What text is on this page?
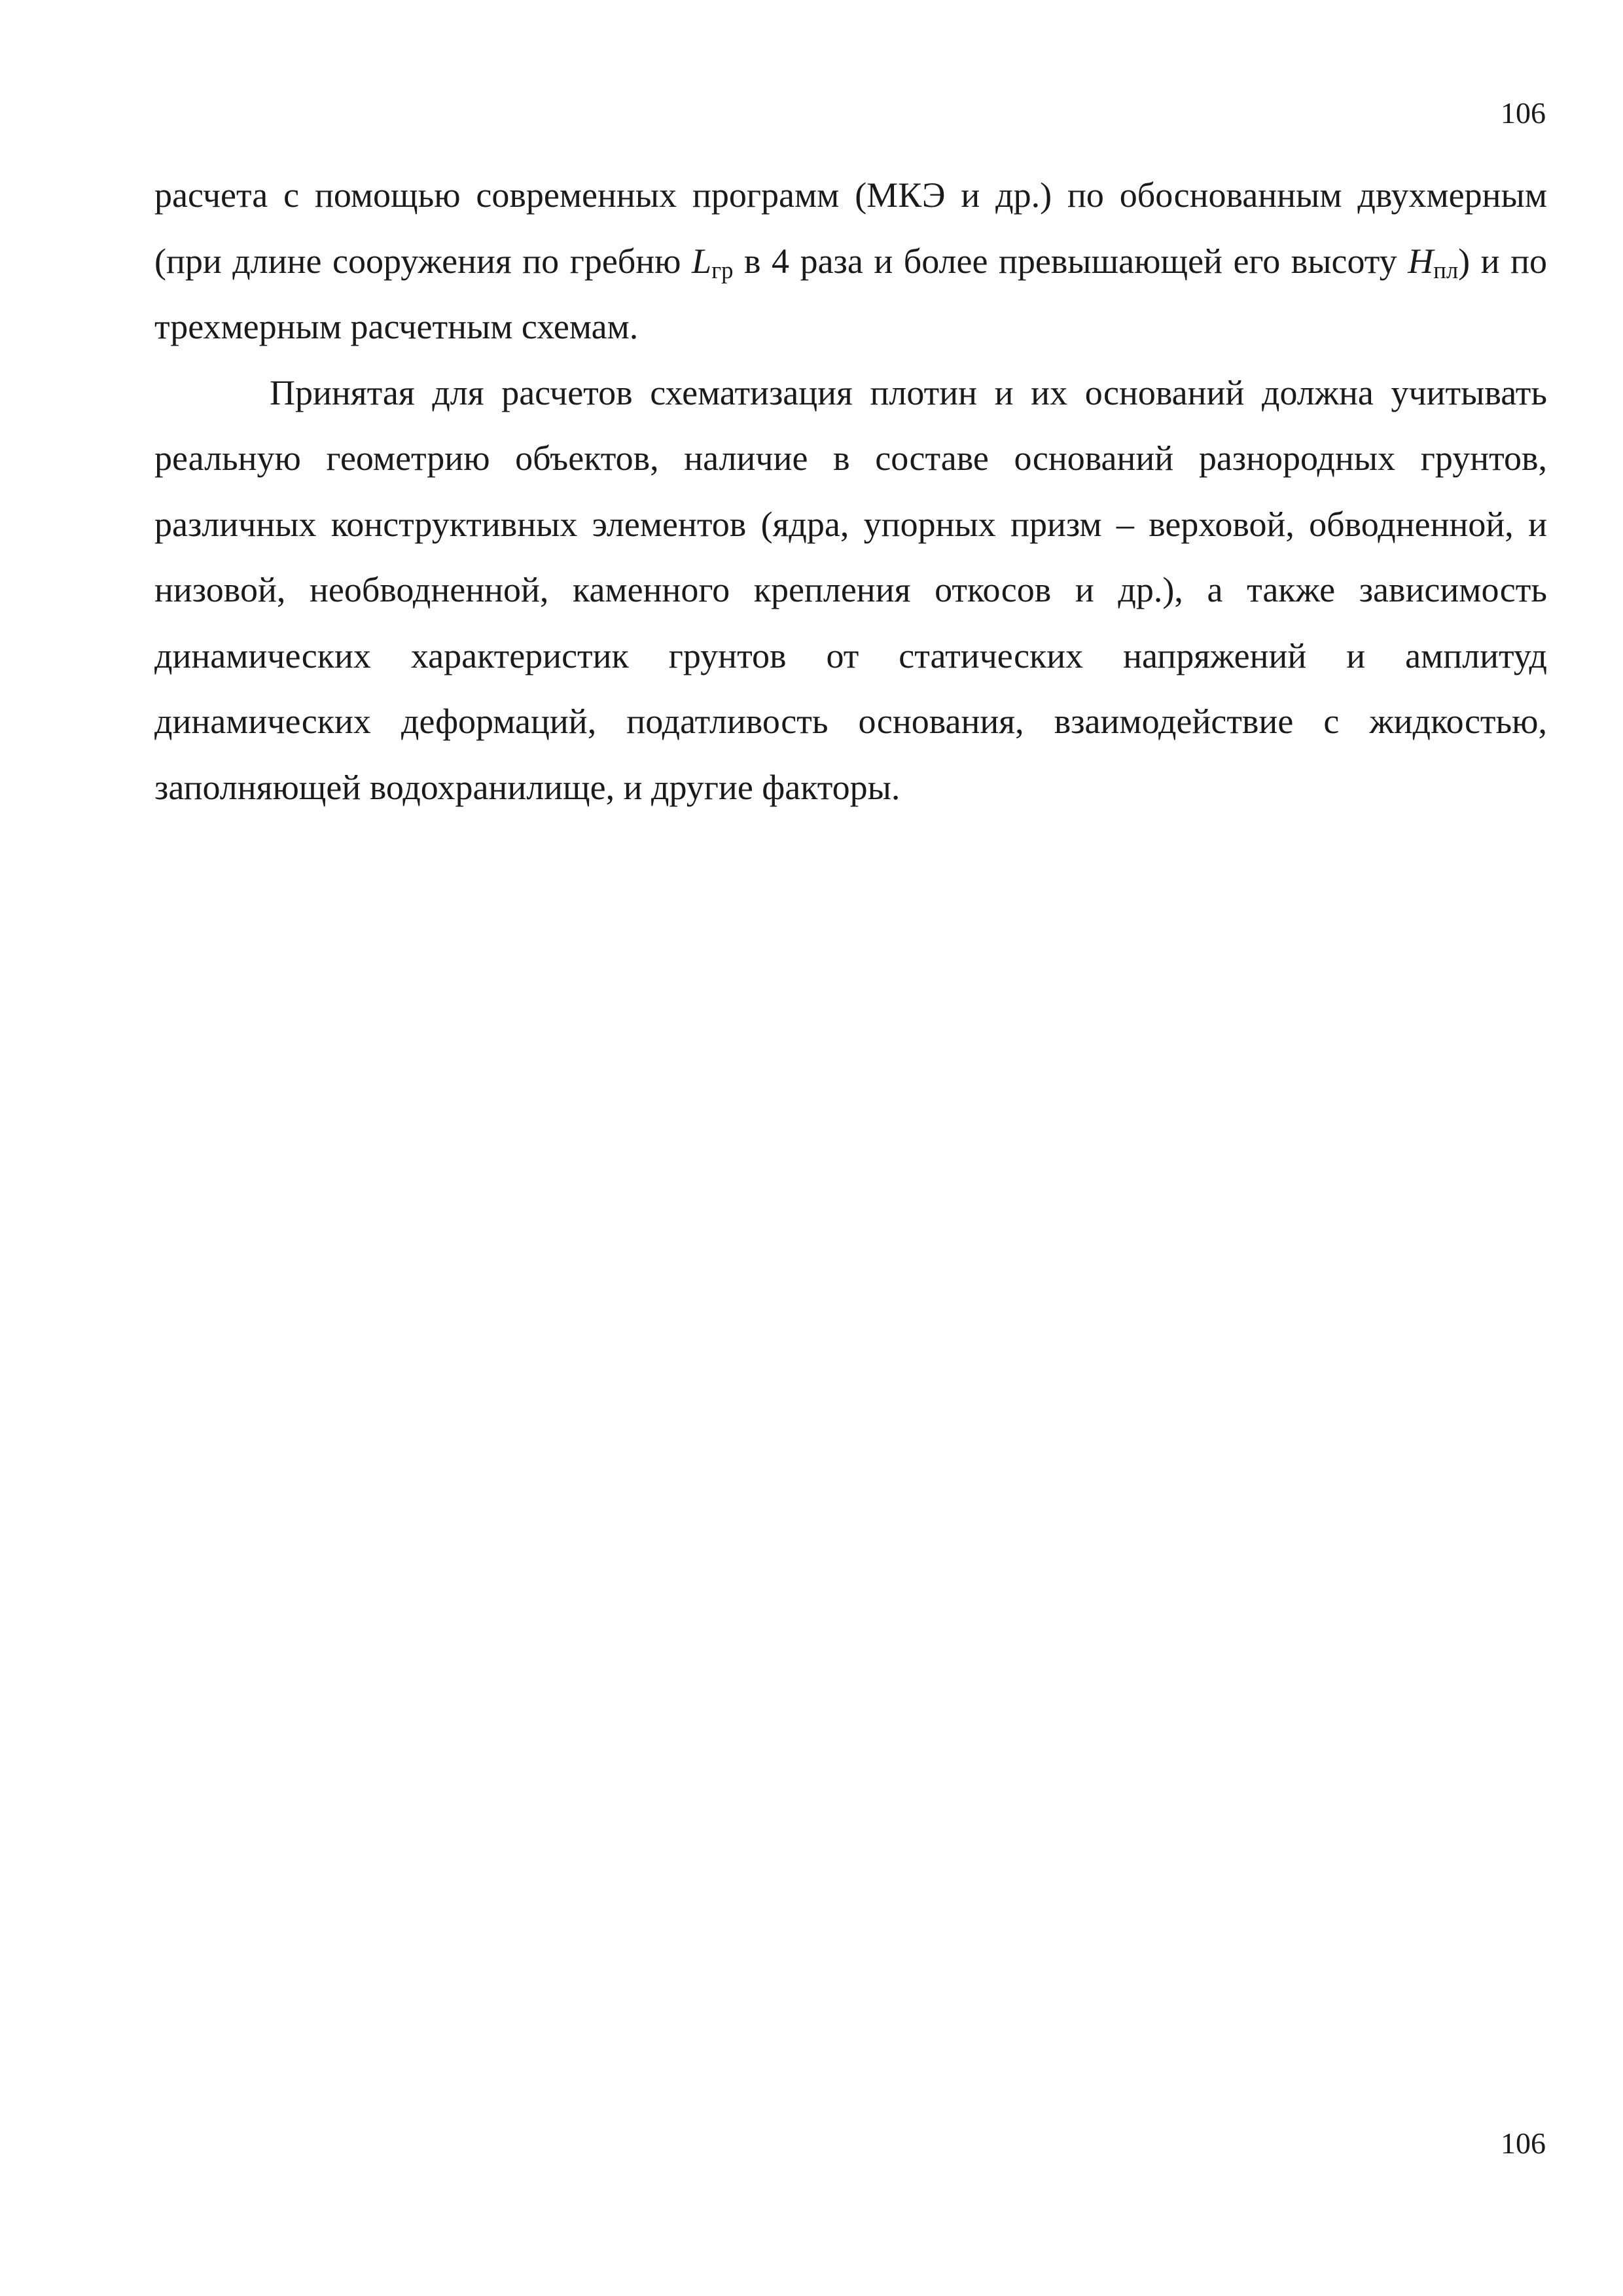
106

расчета с помощью современных программ (МКЭ и др.) по обоснованным двухмерным (при длине сооружения по гребню $L_{гр}$ в 4 раза и более превышающей его высоту $H_{пл}$) и по трехмерным расчетным схемам.

Принятая для расчетов схематизация плотин и их оснований должна учитывать реальную геометрию объектов, наличие в составе оснований разнородных грунтов, различных конструктивных элементов (ядра, упорных призм – верховой, обводненной, и низовой, необводненной, каменного крепления откосов и др.), а также зависимость динамических характеристик грунтов от статических напряжений и амплитуд динамических деформаций, податливость основания, взаимодействие с жидкостью, заполняющей водохранилище, и другие факторы.

106
